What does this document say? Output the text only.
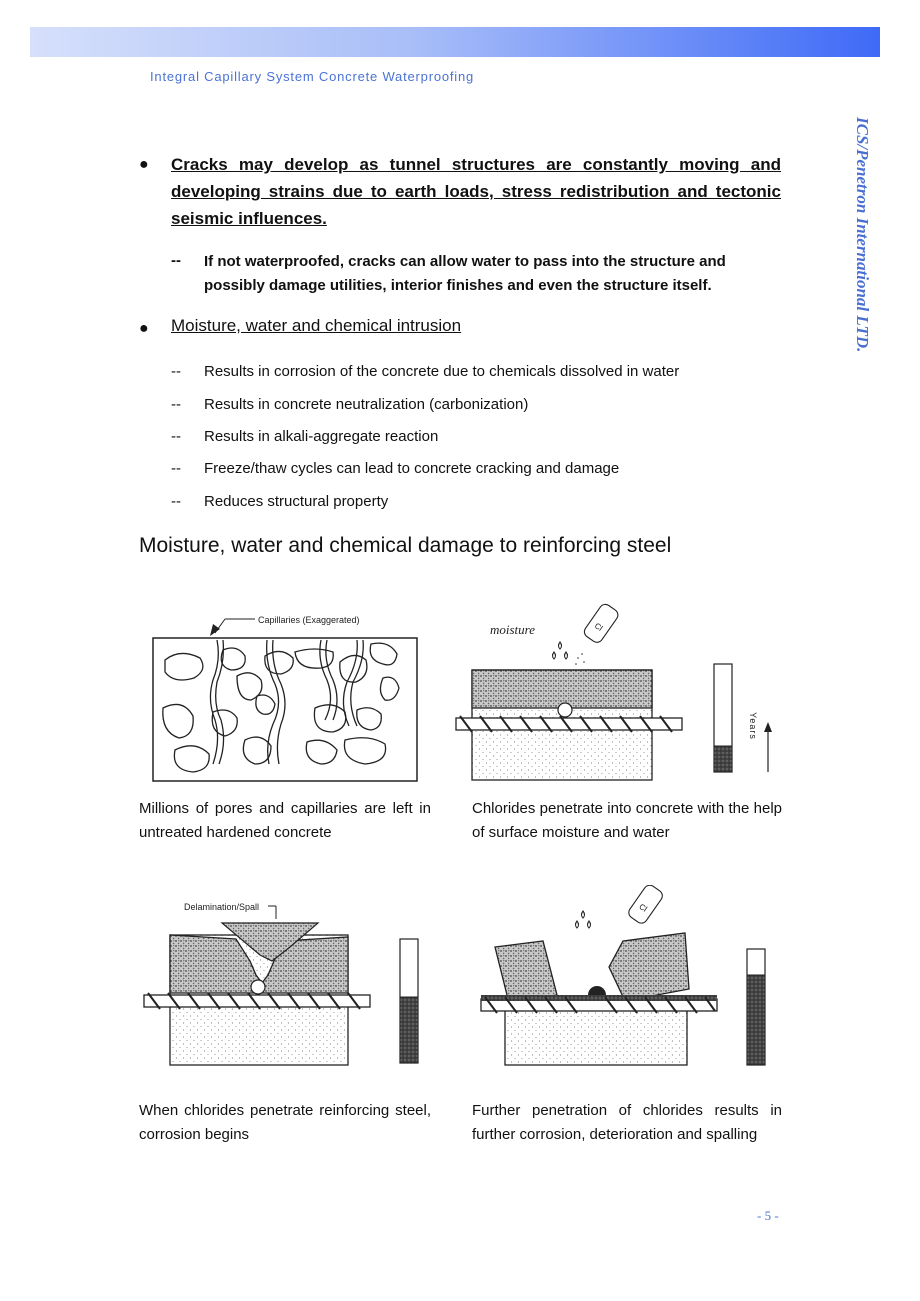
Integral Capillary System Concrete Waterproofing
ICS/Penetron International LTD.
● Cracks may develop as tunnel structures are constantly moving and developing strains due to earth loads, stress redistribution and tectonic seismic influences.
-- If not waterproofed, cracks can allow water to pass into the structure and possibly damage utilities, interior finishes and even the structure itself.
● Moisture, water and chemical intrusion
-- Results in corrosion of the concrete due to chemicals dissolved in water
-- Results in concrete neutralization (carbonization)
-- Results in alkali-aggregate reaction
-- Freeze/thaw cycles can lead to concrete cracking and damage
-- Reduces structural property
Moisture, water and chemical damage to reinforcing steel
Capillaries (Exaggerated)
moisture	Cl
Years
Millions of pores and capillaries are left in untreated hardened concrete
Chlorides penetrate into concrete with the help of surface moisture and water
Delamination/Spall	Cl
When chlorides penetrate reinforcing steel, corrosion begins
Further penetration of chlorides results in further corrosion, deterioration and spalling
- 5 -
